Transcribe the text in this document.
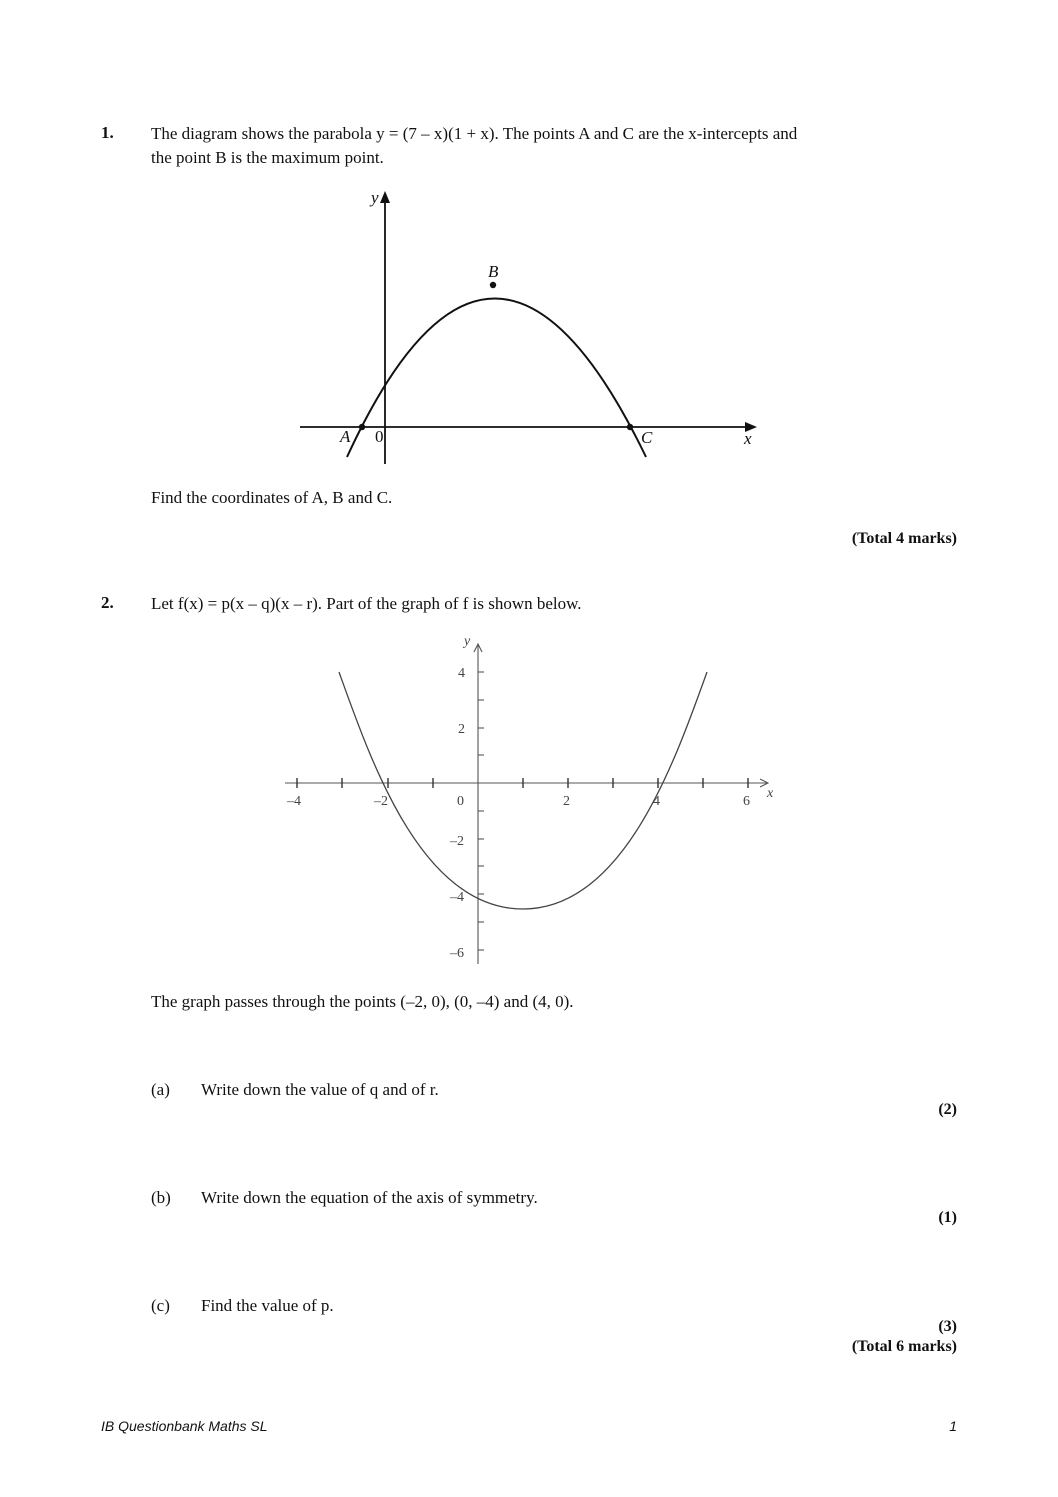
1. The diagram shows the parabola y = (7 – x)(1 + x). The points A and C are the x-intercepts and
the point B is the maximum point.
y
x
0
A
B
C
Find the coordinates of A, B and C.
(Total 4 marks)
2. Let f(x) = p(x – q)(x – r). Part of the graph of f is shown below.
–4	–2	2	4	6
0
4
2
–2
–4
–6
y
x
The graph passes through the points (–2, 0), (0, –4) and (4, 0).
(a) Write down the value of q and of r.
(2)
(b) Write down the equation of the axis of symmetry.
(1)
(c) Find the value of p.
(3)
(Total 6 marks)
IB Questionbank Maths SL	1
